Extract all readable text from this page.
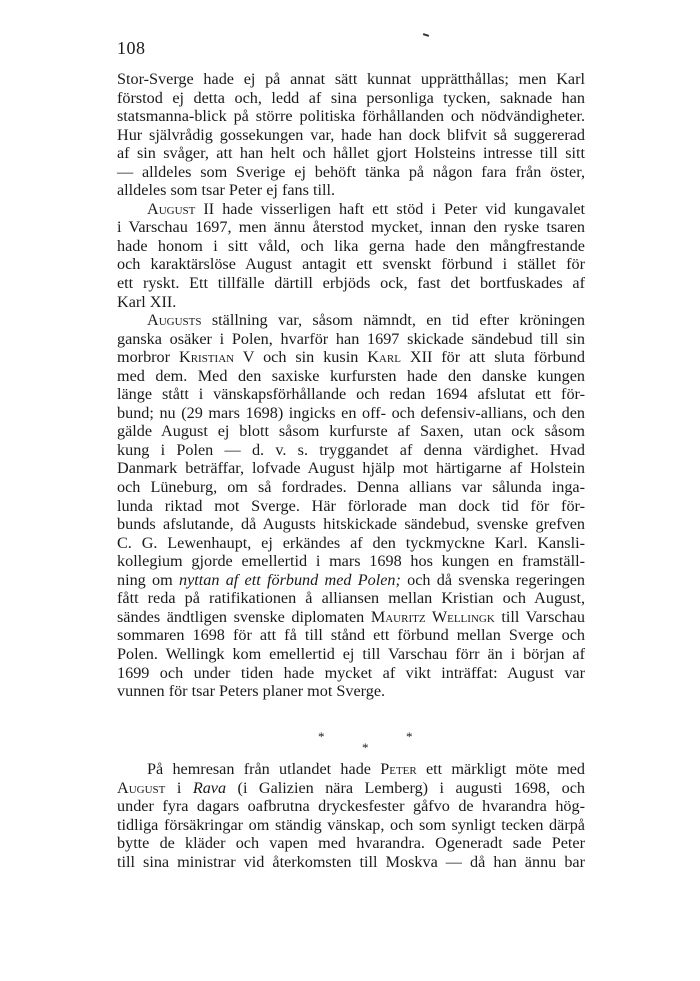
108

Stor-Sverge hade ej på annat sätt kunnat upprätthållas; men Karl
förstod ej detta och, ledd af sina personliga tycken, saknade han
statsmanna-blick på större politiska förhållanden och nödvändigheter.
Hur självrådig gossekungen var, hade han dock blifvit så suggererad
af sin svåger, att han helt och hållet gjort Holsteins intresse till sitt
— alldeles som Sverige ej behöft tänka på någon fara från öster,
alldeles som tsar Peter ej fans till.

August II hade visserligen haft ett stöd i Peter vid kungavalet
i Varschau 1697, men ännu återstod mycket, innan den ryske tsaren
hade honom i sitt våld, och lika gerna hade den mångfrestande
och karaktärslöse August antagit ett svenskt förbund i stället för
ett ryskt. Ett tillfälle därtill erbjöds ock, fast det bortfuskades af
Karl XII.

Augusts ställning var, såsom nämndt, en tid efter kröningen
ganska osäker i Polen, hvarför han 1697 skickade sändebud till sin
morbror Kristian V och sin kusin Karl XII för att sluta förbund
med dem. Med den saxiske kurfursten hade den danske kungen
länge stått i vänskapsförhållande och redan 1694 afslutat ett för-
bund; nu (29 mars 1698) ingicks en off- och defensiv-allians, och den
gälde August ej blott såsom kurfurste af Saxen, utan ock såsom
kung i Polen — d. v. s. tryggandet af denna värdighet. Hvad
Danmark beträffar, lofvade August hjälp mot härtigarne af Holstein
och Lüneburg, om så fordrades. Denna allians var sålunda inga-
lunda riktad mot Sverge. Här förlorade man dock tid för för-
bunds afslutande, då Augusts hitskickade sändebud, svenske grefven
C. G. Lewenhaupt, ej erkändes af den tyckmyckne Karl. Kansli-
kollegium gjorde emellertid i mars 1698 hos kungen en framställ-
ning om nyttan af ett förbund med Polen; och då svenska regeringen
fått reda på ratifikationen å alliansen mellan Kristian och August,
sändes ändtligen svenske diplomaten Mauritz Wellingk till Varschau
sommaren 1698 för att få till stånd ett förbund mellan Sverge och
Polen. Wellingk kom emellertid ej till Varschau förr än i början af
1699 och under tiden hade mycket af vikt inträffat: August var
vunnen för tsar Peters planer mot Sverge.

*	*
*

På hemresan från utlandet hade Peter ett märkligt möte med
August i Rava (i Galizien nära Lemberg) i augusti 1698, och
under fyra dagars oafbrutna dryckesfester gåfvo de hvarandra hög-
tidliga försäkringar om ständig vänskap, och som synligt tecken därpå
bytte de kläder och vapen med hvarandra. Ogeneradt sade Peter
till sina ministrar vid återkomsten till Moskva — då han ännu bar
